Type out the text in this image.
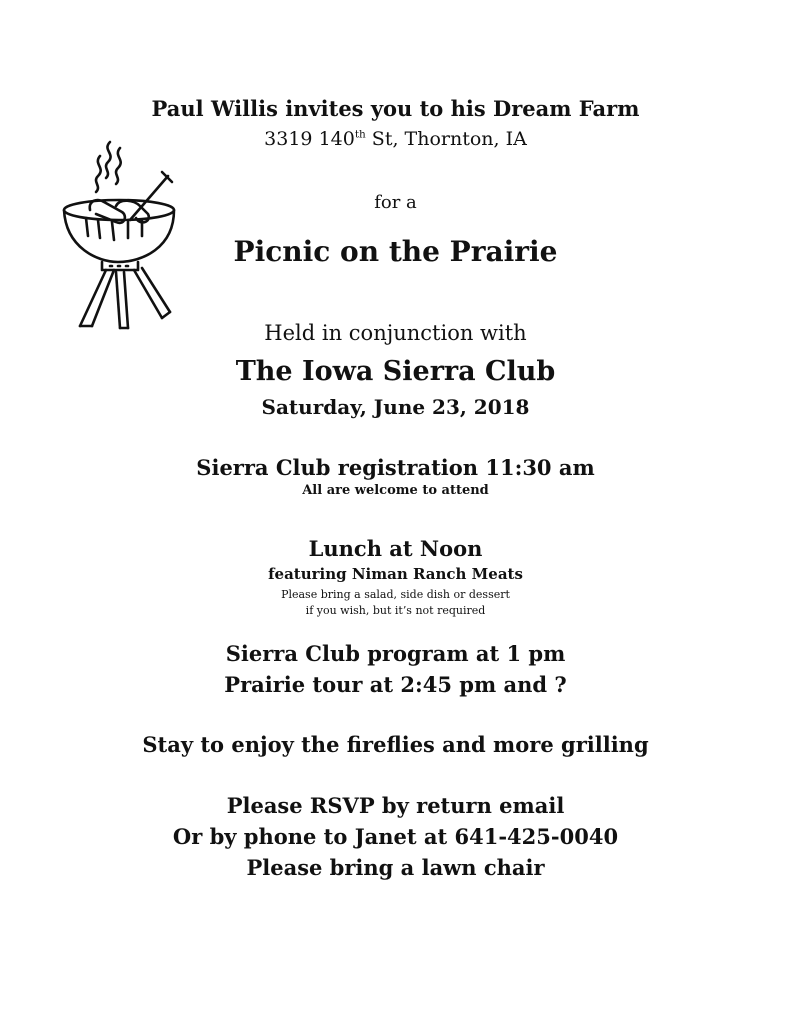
Paul Willis invites you to his Dream Farm
3319 140th St, Thornton, IA
for a
Picnic on the Prairie
Held in conjunction with
The Iowa Sierra Club
Saturday, June 23, 2018
Sierra Club registration 11:30 am
All are welcome to attend
Lunch at Noon
featuring Niman Ranch Meats
Please bring a salad, side dish or dessert
if you wish, but it’s not required
Sierra Club program at 1 pm
Prairie tour at 2:45 pm and ?
Stay to enjoy the fireflies and more grilling
Please RSVP by return email
Or by phone to Janet at 641-425-0040
Please bring a lawn chair
